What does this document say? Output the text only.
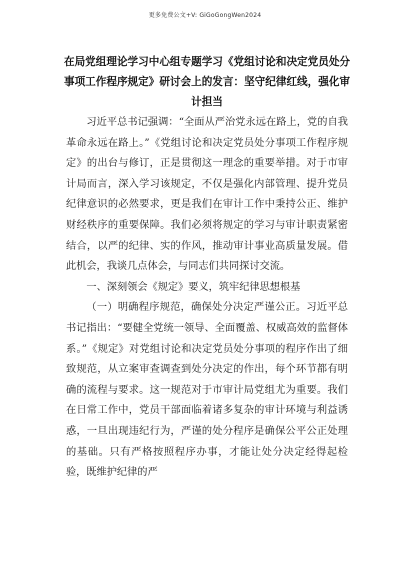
更多免费公文+V: GiGoGongWen2024
在局党组理论学习中心组专题学习《党组讨论和决定党员处分事项工作程序规定》研讨会上的发言：坚守纪律红线，强化审计担当

习近平总书记强调：“全面从严治党永远在路上，党的自我革命永远在路上。”《党组讨论和决定党员处分事项工作程序规定》的出台与修订，正是贯彻这一理念的重要举措。对于市审计局而言，深入学习该规定，不仅是强化内部管理、提升党员纪律意识的必然要求，更是我们在审计工作中秉持公正、维护财经秩序的重要保障。我们必须将规定的学习与审计职责紧密结合，以严的纪律、实的作风，推动审计事业高质量发展。借此机会，我谈几点体会，与同志们共同探讨交流。

一、深刻领会《规定》要义，筑牢纪律思想根基

（一）明确程序规范，确保处分决定严谨公正。习近平总书记指出：“要健全党统一领导、全面覆盖、权威高效的监督体系。”《规定》对党组讨论和决定党员处分事项的程序作出了细致规范，从立案审查调查到处分决定的作出，每个环节都有明确的流程与要求。这一规范对于市审计局党组尤为重要。我们在日常工作中，党员干部面临着诸多复杂的审计环境与利益诱惑，一旦出现违纪行为，严谨的处分程序是确保公平公正处理的基础。只有严格按照程序办事，才能让处分决定经得起检验，既维护纪律的严
